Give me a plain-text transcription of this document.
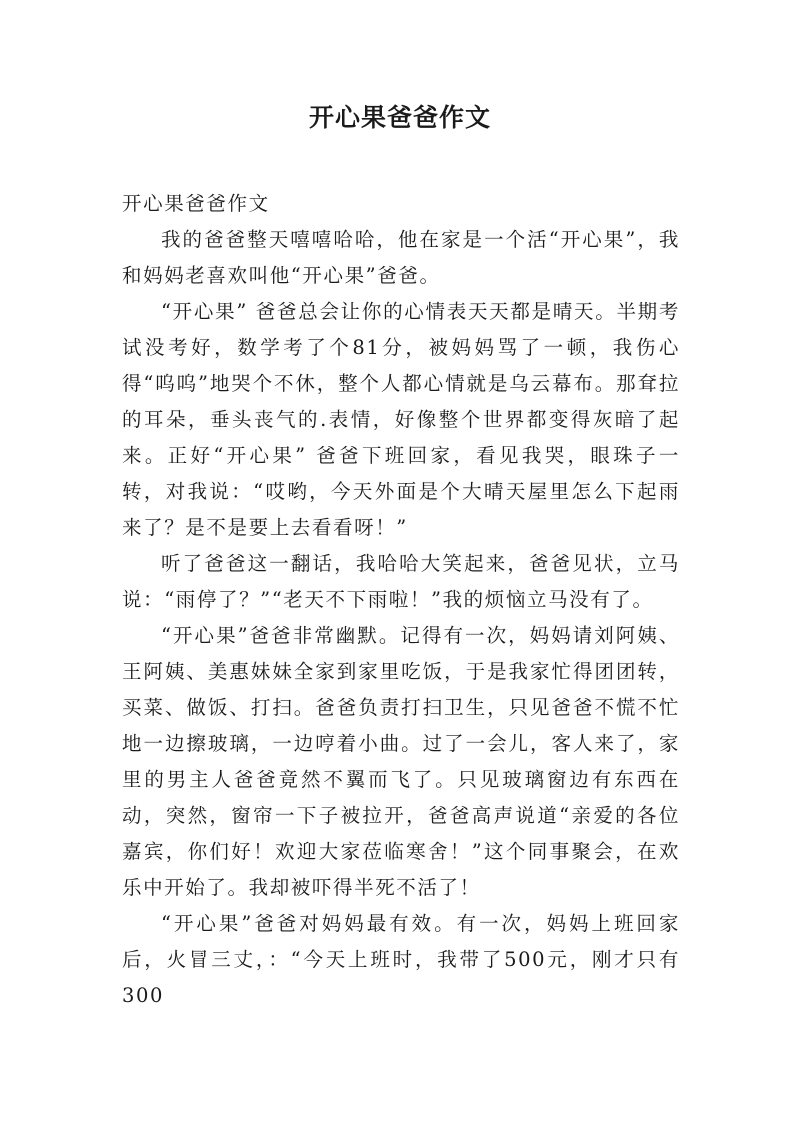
开心果爸爸作文

开心果爸爸作文

我的爸爸整天嘻嘻哈哈，他在家是一个活“开心果”，我和妈妈老喜欢叫他“开心果”爸爸。

“开心果” 爸爸总会让你的心情表天天都是晴天。半期考试没考好，数学考了个81分，被妈妈骂了一顿，我伤心得“呜呜”地哭个不休，整个人都心情就是乌云幕布。那耷拉的耳朵，垂头丧气的.表情，好像整个世界都变得灰暗了起来。正好“开心果” 爸爸下班回家，看见我哭，眼珠子一转，对我说：“哎哟，今天外面是个大晴天屋里怎么下起雨来了？是不是要上去看看呀！”

听了爸爸这一翻话，我哈哈大笑起来，爸爸见状，立马说：“雨停了？”“老天不下雨啦！”我的烦恼立马没有了。

“开心果”爸爸非常幽默。记得有一次，妈妈请刘阿姨、王阿姨、美惠妹妹全家到家里吃饭，于是我家忙得团团转，买菜、做饭、打扫。爸爸负责打扫卫生，只见爸爸不慌不忙地一边擦玻璃，一边哼着小曲。过了一会儿，客人来了，家里的男主人爸爸竟然不翼而飞了。只见玻璃窗边有东西在动，突然，窗帘一下子被拉开，爸爸高声说道“亲爱的各位嘉宾，你们好！欢迎大家莅临寒舍！”这个同事聚会，在欢乐中开始了。我却被吓得半死不活了！

“开心果”爸爸对妈妈最有效。有一次，妈妈上班回家后，火冒三丈，：“今天上班时，我带了500元，刚才只有300
